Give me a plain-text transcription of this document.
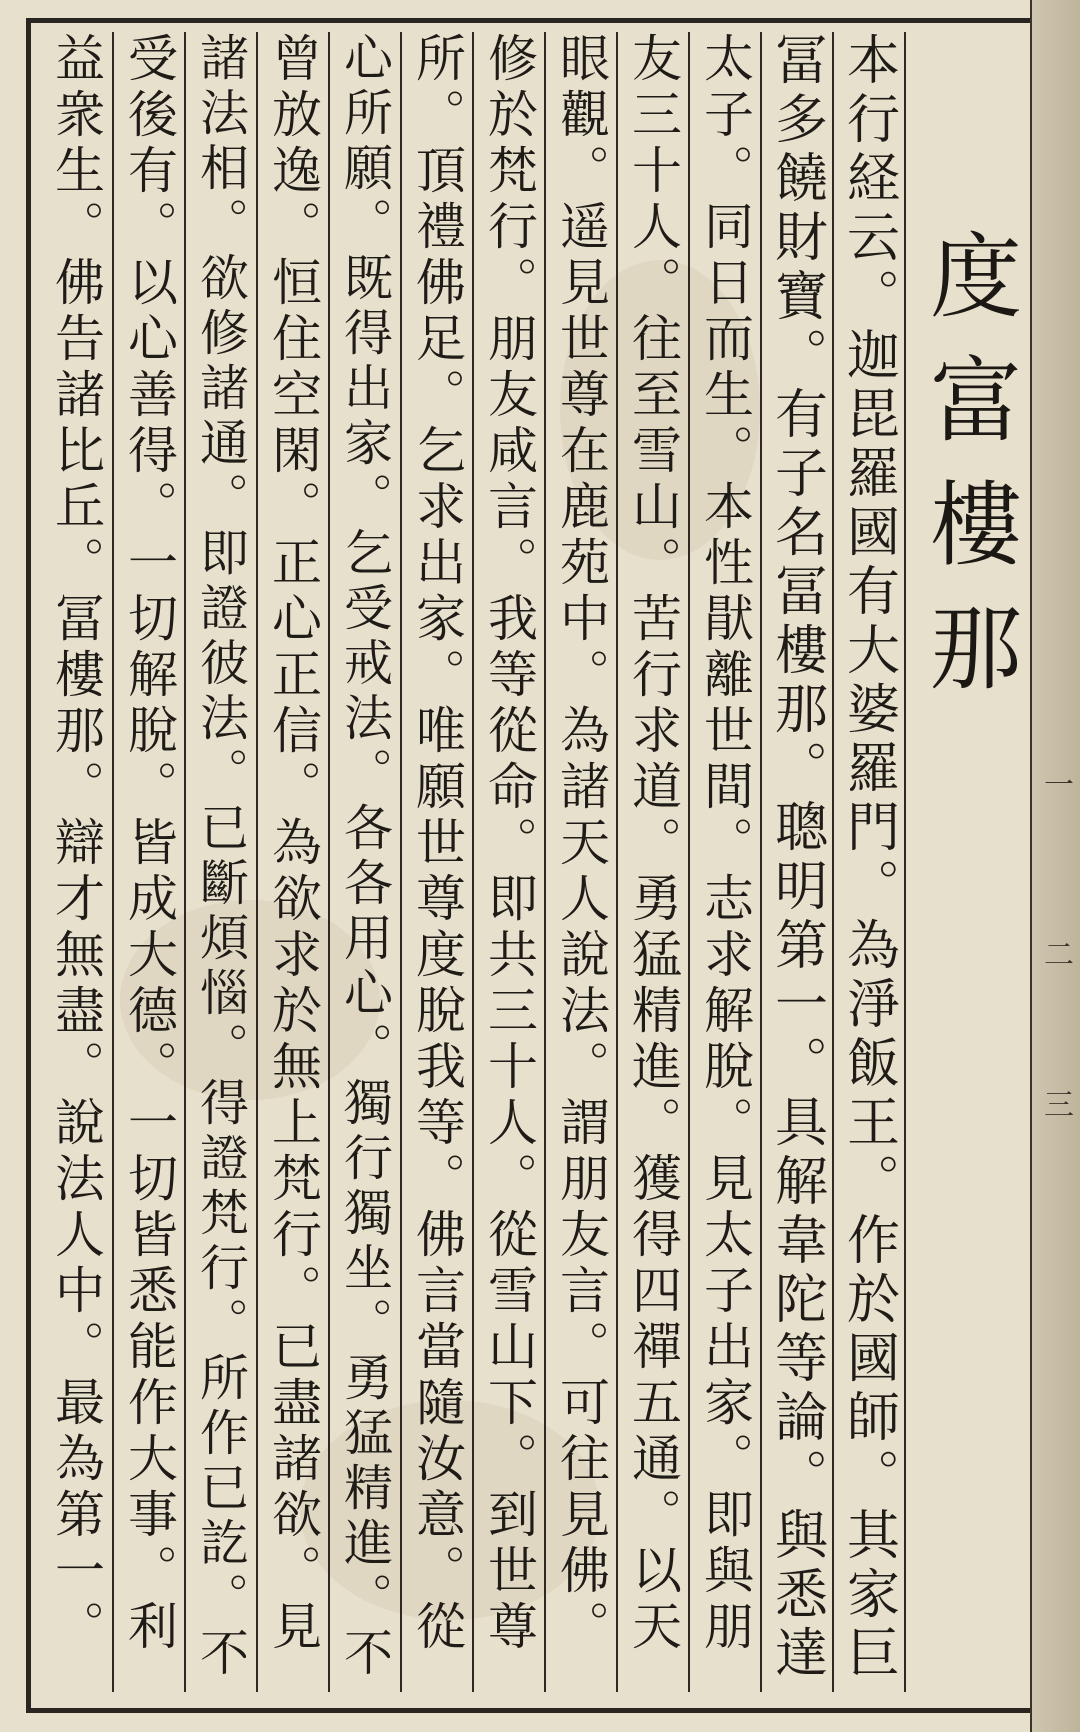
一
二
三
度富樓那
本行経云。迦毘羅國有大婆羅門。為淨飯王。作於國師。其家巨
冨多饒財寶。有子名冨樓那。聰明第一。具解韋陀等論。與悉達
太子。同日而生。本性猒離世間。志求解脫。見太子出家。即與朋
友三十人。往至雪山。苦行求道。勇猛精進。獲得四禪五通。以天
眼觀。遥見世尊在鹿苑中。為諸天人說法。謂朋友言。可往見佛。
修於梵行。朋友咸言。我等從命。即共三十人。從雪山下。到世尊
所。頂禮佛足。乞求出家。唯願世尊度脫我等。佛言當隨汝意。從
心所願。既得出家。乞受戒法。各各用心。獨行獨坐。勇猛精進。不
曾放逸。恒住空閑。正心正信。為欲求於無上梵行。已盡諸欲。見
諸法相。欲修諸通。即證彼法。已斷煩惱。得證梵行。所作已訖。不
受後有。以心善得。一切解脫。皆成大德。一切皆悉能作大事。利
益衆生。佛告諸比丘。冨樓那。辯才無盡。說法人中。最為第一。
